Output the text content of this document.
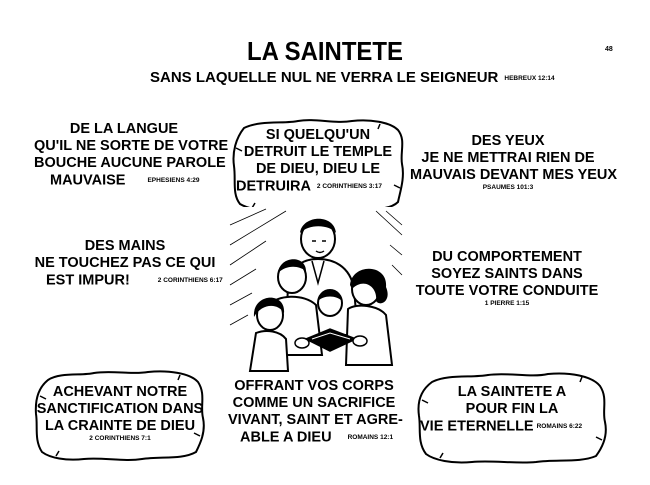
LA SAINTETE
SANS LAQUELLE NUL NE VERRA LE SEIGNEUR HEBREUX 12:14
48
DE LA LANGUE
QU'IL NE SORTE DE VOTRE
BOUCHE AUCUNE PAROLE
MAUVAISE	EPHESIENS 4:29
SI QUELQU'UN
DETRUIT LE TEMPLE
DE DIEU, DIEU LE
DETRUIRA 2 CORINTHIENS 3:17
DES YEUX
JE NE METTRAI RIEN DE
MAUVAIS DEVANT MES YEUX
PSAUMES 101:3
DES MAINS
NE TOUCHEZ PAS CE QUI
EST IMPUR!	2 CORINTHIENS 6:17
DU COMPORTEMENT
SOYEZ SAINTS DANS
TOUTE VOTRE CONDUITE
1 PIERRE 1:15
ACHEVANT NOTRE
SANCTIFICATION DANS
LA CRAINTE DE DIEU
2 CORINTHIENS 7:1
OFFRANT VOS CORPS
COMME UN SACRIFICE
VIVANT, SAINT ET AGRE-
ABLE A DIEU ROMAINS 12:1
LA SAINTETE A
POUR FIN LA
VIE ETERNELLE ROMAINS 6:22
